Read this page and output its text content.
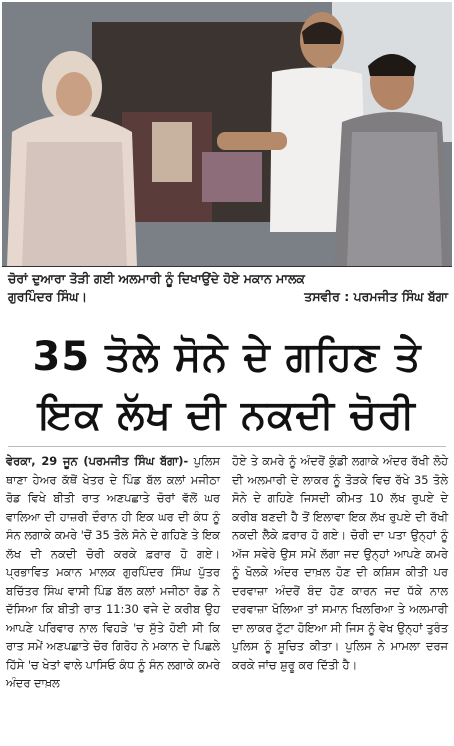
ਚੋਰਾਂ ਦੁਆਰਾ ਤੋੜੀ ਗਈ ਅਲਮਾਰੀ ਨੂੰ ਦਿਖਾਉਂਦੇ ਹੋਏ ਮਕਾਨ ਮਾਲਕ
ਗੁਰਪਿੰਦਰ ਸਿੰਘ।	ਤਸਵੀਰ : ਪਰਮਜੀਤ ਸਿੰਘ ਬੱਗਾ
35 ਤੋਲੇ ਸੋਨੇ ਦੇ ਗਹਿਣ ਤੇ
ਇਕ ਲੱਖ ਦੀ ਨਕਦੀ ਚੋਰੀ

ਵੇਰਕਾ, 29 ਜੂਨ (ਪਰਮਜੀਤ ਸਿੰਘ ਬੱਗਾ)- ਪੁਲਿਸ ਥਾਣਾ ਹੇਅਰ ਕੱਥੋਂ ਖੇਤਰ ਦੇ ਪਿੰਡ ਬੱਲ ਕਲਾਂ ਮਜੀਠਾ ਰੋਡ ਵਿਖੇ ਬੀਤੀ ਰਾਤ ਅਣਪਛਾਤੇ ਚੋਰਾਂ ਵੱਲੋਂ ਘਰ ਵਾਲਿਆ ਦੀ ਹਾਜ਼ਰੀ ਦੌਰਾਨ ਹੀ ਇਕ ਘਰ ਦੀ ਕੰਧ ਨੂੰ ਸੰਨ ਲਗਾਕੇ ਕਮਰੇ 'ਚੋਂ 35 ਤੋਲੇ ਸੋਨੇ ਦੇ ਗਹਿਣੇ ਤੇ ਇਕ ਲੱਖ ਦੀ ਨਕਦੀ ਚੋਰੀ ਕਰਕੇ ਫ਼ਰਾਰ ਹੋ ਗਏ। ਪ੍ਰਭਾਵਿਤ ਮਕਾਨ ਮਾਲਕ ਗੁਰਪਿੰਦਰ ਸਿੰਘ ਪੁੱਤਰ ਬਚਿੱਤਰ ਸਿੰਘ ਵਾਸੀ ਪਿੰਡ ਬੱਲ ਕਲਾਂ ਮਜੀਠਾ ਰੋਡ ਨੇ ਦੱਸਿਆ ਕਿ ਬੀਤੀ ਰਾਤ 11:30 ਵਜੇ ਦੇ ਕਰੀਬ ਉਹ ਆਪਣੇ ਪਰਿਵਾਰ ਨਾਲ ਵਿਹੜੇ 'ਚ ਸੁੱਤੇ ਹੋਈ ਸੀ ਕਿ ਰਾਤ ਸਮੇਂ ਅਣਪਛਾਤੇ ਚੋਰ ਗਿਰੋਹ ਨੇ ਮਕਾਨ ਦੇ ਪਿਛਲੇ ਹਿੱਸੇ 'ਚ ਖੇਤਾਂ ਵਾਲੇ ਪਾਸਿਓ ਕੰਧ ਨੂੰ ਸੰਨ ਲਗਾਕੇ ਕਮਰੇ ਅੰਦਰ ਦਾਖ਼ਲ

ਹੋਏ ਤੇ ਕਮਰੇ ਨੂੰ ਅੰਦਰੋਂ ਕੁੰਡੀ ਲਗਾਕੇ ਅੰਦਰ ਰੱਖੀ ਲੋਹੇ ਦੀ ਅਲਮਾਰੀ ਦੇ ਲਾਕਰ ਨੂੰ ਤੋੜਕੇ ਵਿਚ ਰੱਖੇ 35 ਤੋਲੇ ਸੋਨੇ ਦੇ ਗਹਿਣੇ ਜਿਸਦੀ ਕੀਮਤ 10 ਲੱਖ ਰੁਪਏ ਦੇ ਕਰੀਬ ਬਣਦੀ ਹੈ ਤੋਂ ਇਲਾਵਾ ਇਕ ਲੱਖ ਰੁਪਏ ਦੀ ਰੱਖੀ ਨਕਦੀ ਲੈਕੇ ਫ਼ਰਾਰ ਹੋ ਗਏ। ਚੋਰੀ ਦਾ ਪਤਾ ਉਨ੍ਹਾਂ ਨੂੰ ਅੱਜ ਸਵੇਰੇ ਉਸ ਸਮੇਂ ਲੱਗਾ ਜਦ ਉਨ੍ਹਾਂ ਆਪਣੇ ਕਮਰੇ ਨੂੰ ਖੋਲਕੇ ਅੰਦਰ ਦਾਖ਼ਲ ਹੋਣ ਦੀ ਕਸ਼ਿਸ ਕੀਤੀ ਪਰ ਦਰਵਾਜ਼ਾ ਅੰਦਰੋਂ ਬੰਦ ਹੋਣ ਕਾਰਨ ਜਦ ਧੱਕੇ ਨਾਲ ਦਰਵਾਜ਼ਾ ਖੋਲਿਆ ਤਾਂ ਸਮਾਨ ਖਿਲਰਿਆ ਤੇ ਅਲਮਾਰੀ ਦਾ ਲਾਕਰ ਟੁੱਟਾ ਹੋਇਆ ਸੀ ਜਿਸ ਨੂੰ ਵੇਖ ਉਨ੍ਹਾਂ ਤੁਰੰਤ ਪੁਲਿਸ ਨੂੰ ਸੂਚਿਤ ਕੀਤਾ। ਪੁਲਿਸ ਨੇ ਮਾਮਲਾ ਦਰਜ ਕਰਕੇ ਜਾਂਚ ਸ਼ੁਰੂ ਕਰ ਦਿੱਤੀ ਹੈ।
